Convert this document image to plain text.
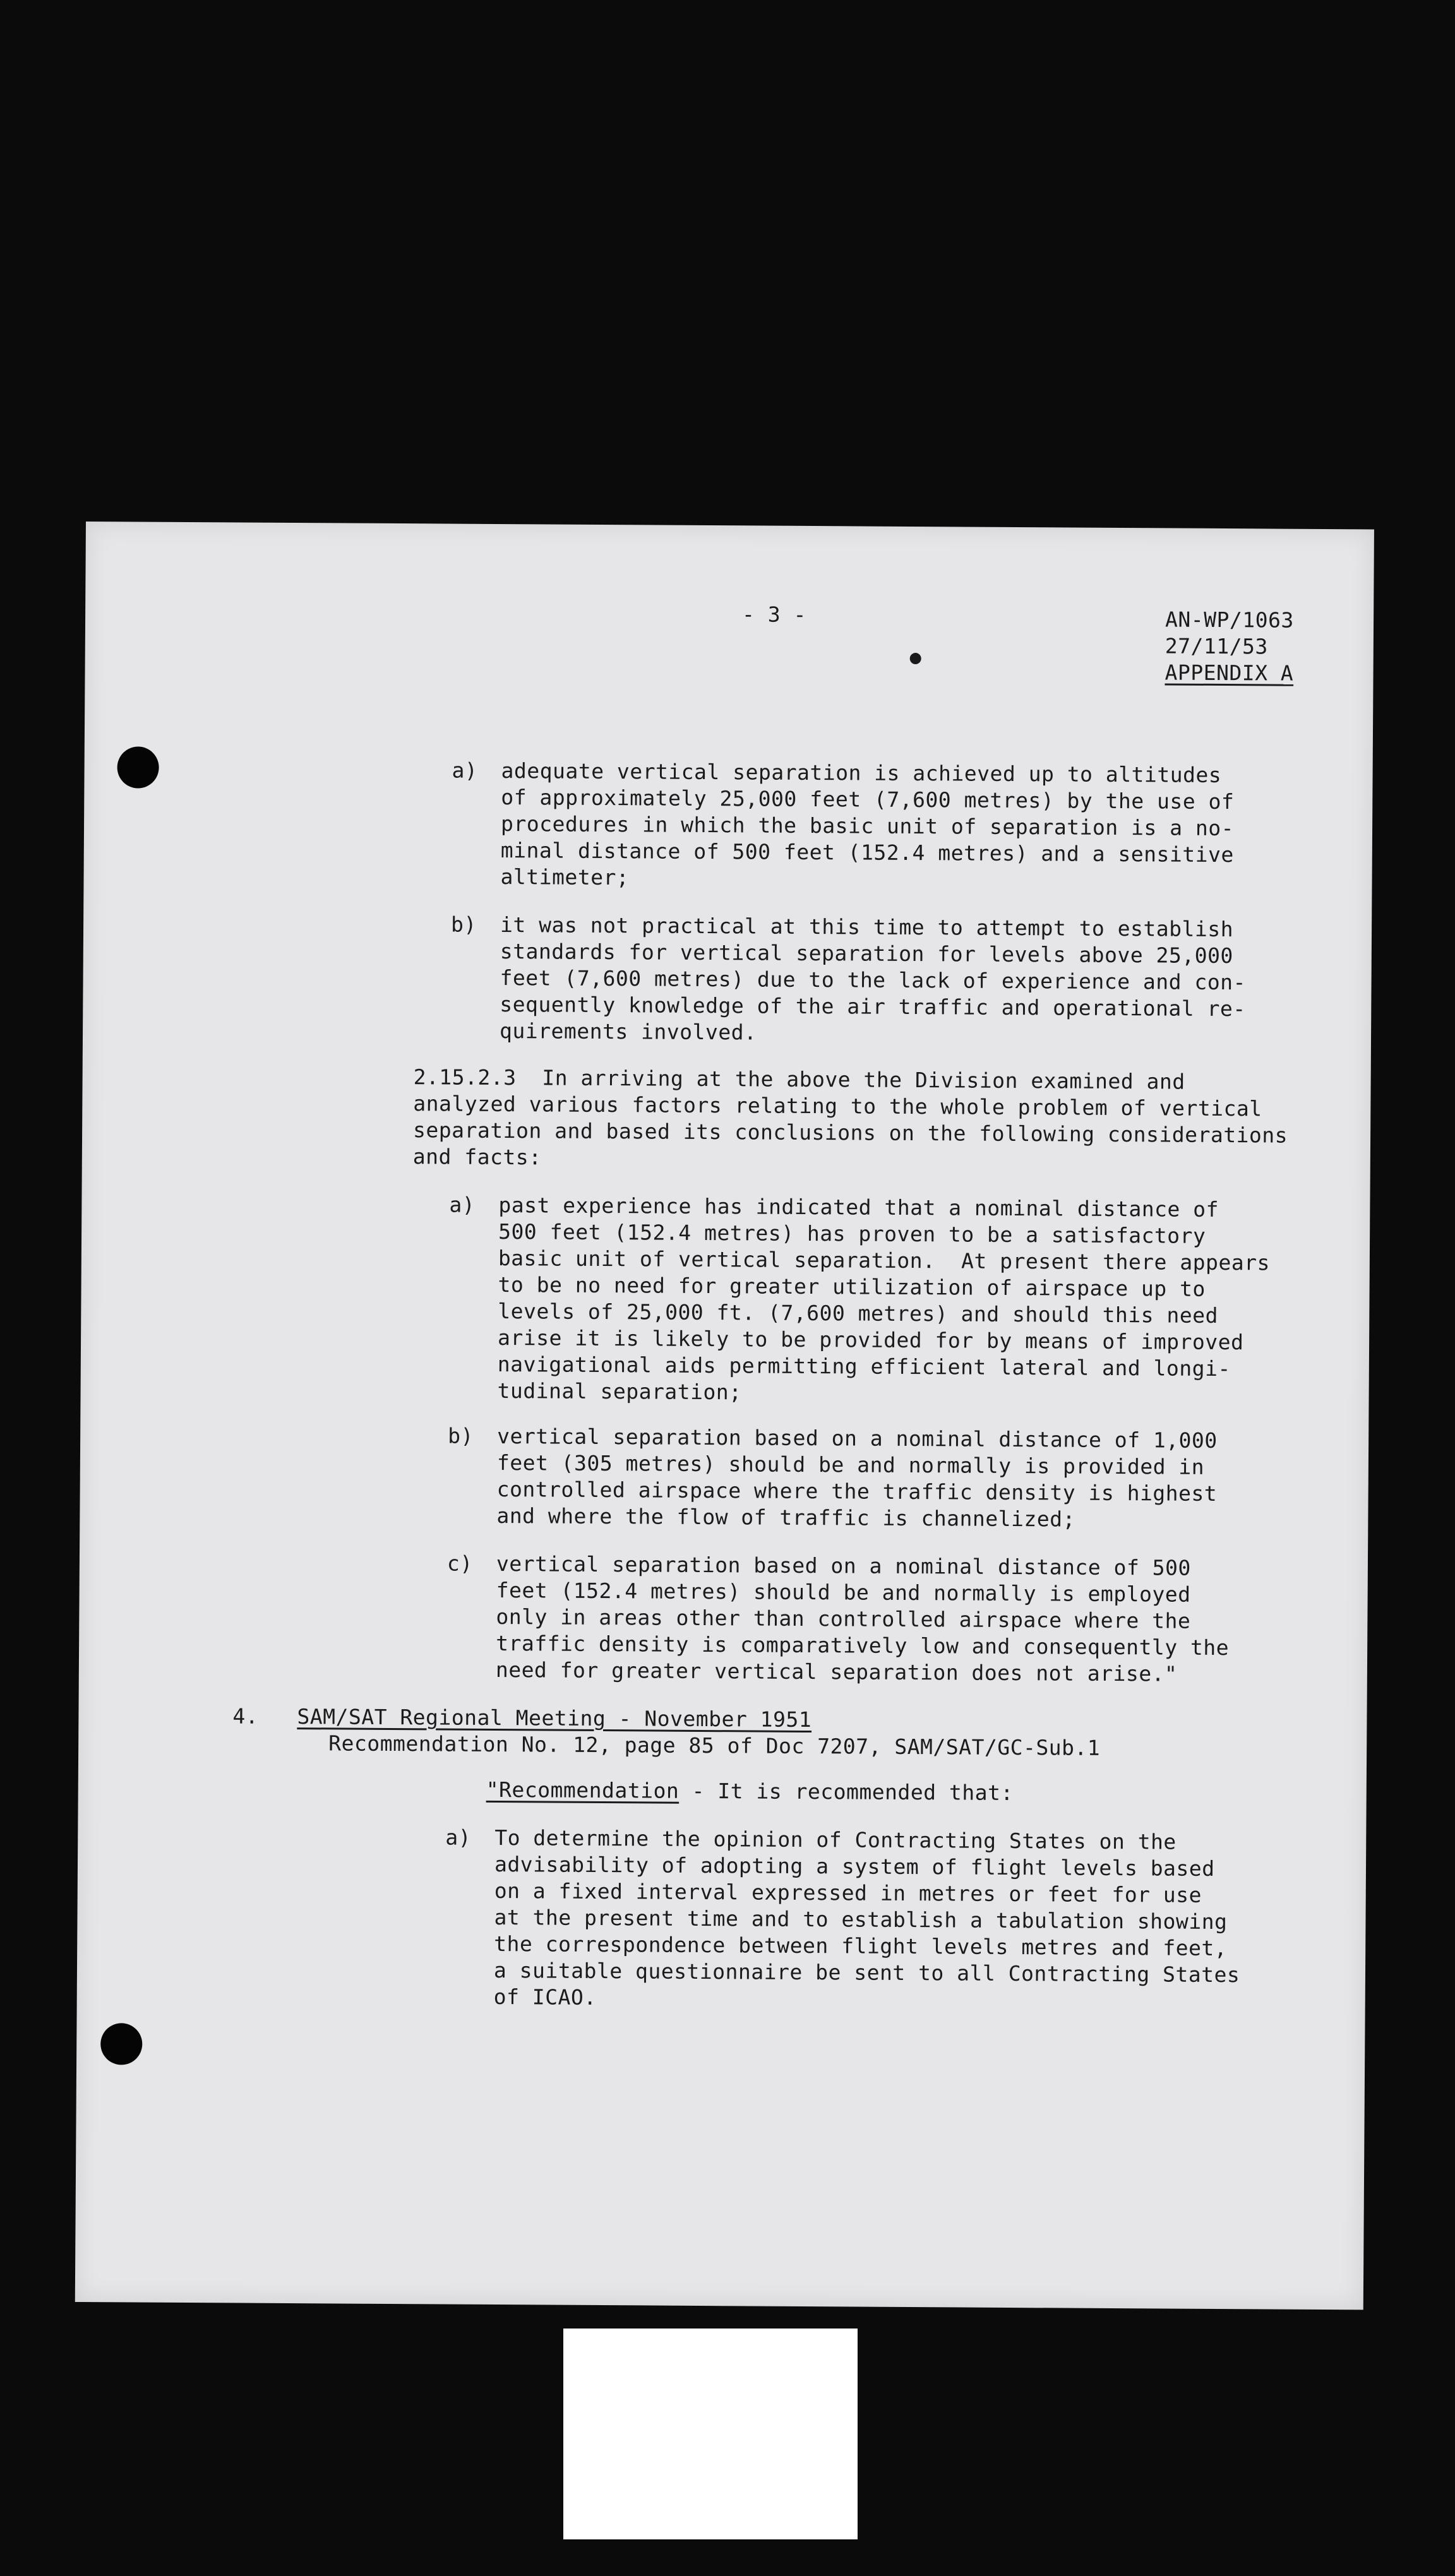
- 3 -	AN-WP/1063
27/11/53
APPENDIX A
a) adequate vertical separation is achieved up to altitudes
of approximately 25,000 feet (7,600 metres) by the use of
procedures in which the basic unit of separation is a no-
minal distance of 500 feet (152.4 metres) and a sensitive
altimeter;
b) it was not practical at this time to attempt to establish
standards for vertical separation for levels above 25,000
feet (7,600 metres) due to the lack of experience and con-
sequently knowledge of the air traffic and operational re-
quirements involved.
2.15.2.3  In arriving at the above the Division examined and
analyzed various factors relating to the whole problem of vertical
separation and based its conclusions on the following considerations
and facts:
a) past experience has indicated that a nominal distance of
500 feet (152.4 metres) has proven to be a satisfactory
basic unit of vertical separation.  At present there appears
to be no need for greater utilization of airspace up to
levels of 25,000 ft. (7,600 metres) and should this need
arise it is likely to be provided for by means of improved
navigational aids permitting efficient lateral and longi-
tudinal separation;
b) vertical separation based on a nominal distance of 1,000
feet (305 metres) should be and normally is provided in
controlled airspace where the traffic density is highest
and where the flow of traffic is channelized;
c) vertical separation based on a nominal distance of 500
feet (152.4 metres) should be and normally is employed
only in areas other than controlled airspace where the
traffic density is comparatively low and consequently the
need for greater vertical separation does not arise."
4. SAM/SAT Regional Meeting - November 1951
Recommendation No. 12, page 85 of Doc 7207, SAM/SAT/GC-Sub.1
"Recommendation - It is recommended that:
a) To determine the opinion of Contracting States on the
advisability of adopting a system of flight levels based
on a fixed interval expressed in metres or feet for use
at the present time and to establish a tabulation showing
the correspondence between flight levels metres and feet,
a suitable questionnaire be sent to all Contracting States
of ICAO.
